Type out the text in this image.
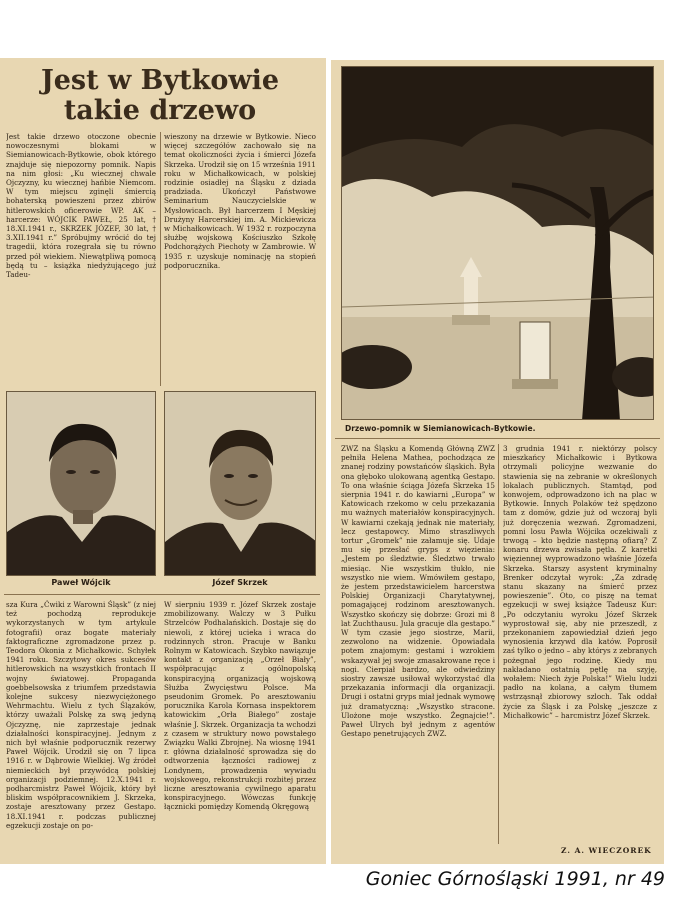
Jest w Bytkowie
takie drzewo
Jest takie drzewo otoczone obecnie nowoczesnymi blokami w Siemianowicach-Bytkowie, obok którego znajduje się niepozorny pomnik. Napis na nim głosi: „Ku wiecznej chwale Ojczyzny, ku wiecznej hańbie Niemcom. W tym miejscu zginęli śmiercią bohaterską powieszeni przez zbirów hitlerowskich oficerowie WP. AK – harcerze: WÓJCIK PAWEŁ, 25 lat, † 18.XI.1941 r., SKRZEK JÓZEF, 30 lat, † 3.XII.1941 r.” Spróbujmy wrócić do tej tragedii, która rozegrała się tu równo przed pół wiekiem. Niewątpliwą pomocą będą tu – książka niedyżującego już Tadeu-
wieszony na drzewie w Bytkowie. Nieco więcej szczegółów zachowało się na temat okoliczności życia i śmierci Józefa Skrzeka. Urodził się on 15 września 1911 roku w Michałkowicach, w polskiej rodzinie osiadłej na Śląsku z dziada pradziada. Ukończył Państwowe Seminarium Nauczycielskie w Mysłowicach. Był harcerzem I Męskiej Drużyny Harcerskiej im. A. Mickiewicza w Michałkowicach. W 1932 r. rozpoczyna służbę wojskową Kościuszko Szkołę Podchorążych Piechoty w Zambrowie. W 1935 r. uzyskuje nominację na stopień podporucznika.
Paweł Wójcik	Józef Skrzek
sza Kura „Ćwiki z Warowni Śląsk” (z niej też pochodzą reprodukcje wykorzystanych w tym artykule fotografii) oraz bogate materiały faktograficzne zgromadzone przez p. Teodora Okonia z Michałkowic. Schyłek 1941 roku. Szczytowy okres sukcesów hitlerowskich na wszystkich frontach II wojny światowej. Propaganda goebbelsowska z triumfem przedstawia kolejne sukcesy niezwyciężonego Wehrmachtu. Wielu z tych Ślązaków, którzy uważali Polskę za swą jedyną Ojczyznę, nie zaprzestaje jednak działalności konspiracyjnej. Jednym z nich był właśnie podporucznik rezerwy Paweł Wójcik. Urodził się on 7 lipca 1916 r. w Dąbrowie Wielkiej. Wg źródeł niemieckich był przywódcą polskiej organizacji podziemnej. 12.X.1941 r. podharcmistrz Paweł Wójcik, który był bliskim współpracownikiem J. Skrzeka, zostaje aresztowany przez Gestapo. 18.XI.1941 r. podczas publicznej egzekucji zostaje on po-
W sierpniu 1939 r. Józef Skrzek zostaje zmobilizowany. Walczy w 3 Pułku Strzelców Podhalańskich. Dostaje się do niewoli, z której ucieka i wraca do rodzinnych stron. Pracuje w Banku Rolnym w Katowicach. Szybko nawiązuje kontakt z organizacją „Orzeł Biały”, współpracując z ogólnopolską konspiracyjną organizacją wojskową Służba Zwycięstwu Polsce. Ma pseudonim Gromek. Po aresztowaniu porucznika Karola Kornasa inspektorem katowickim „Orła Białego” zostaje właśnie J. Skrzek. Organizacja ta wchodzi z czasem w struktury nowo powstałego Związku Walki Zbrojnej. Na wiosnę 1941 r. główna działalność sprowadza się do odtworzenia łączności radiowej z Londynem, prowadzenia wywiadu wojskowego, rekonstrukcji rozbitej przez liczne aresztowania cywilnego aparatu konspiracyjnego. Wówczas funkcję łącznicki pomiędzy Komendą Okręgową
Drzewo-pomnik w Siemianowicach-Bytkowie.
ZWZ na Śląsku a Komendą Główną ZWZ pełniła Helena Mathea, pochodząca ze znanej rodziny powstańców śląskich. Była ona głęboko ulokowaną agentką Gestapo. To ona właśnie ściąga Józefa Skrzeka 15 sierpnia 1941 r. do kawiarni „Europa” w Katowicach rzekomo w celu przekazania mu ważnych materiałów konspiracyjnych. W kawiarni czekają jednak nie materiały, lecz gestapowcy. Mimo straszliwych tortur „Gromek” nie załamuje się. Udaje mu się przesłać gryps z więzienia: „Jestem po śledztwie. Śledztwo trwało miesiąc. Nie wszystkim tłukło, nie wszystko nie wiem. Wmówiłem gestapo, że jestem przedstawicielem harcerstwa Polskiej Organizacji Charytatywnej, pomagającej rodzinom aresztowanych. Wszystko skończy się dobrze: Grozi mi 8 lat Zuchthausu. Jula gracuje dla gestapo.” W tym czasie jego siostrze, Marii, zezwolono na widzenie. Opowiadała potem znajomym: gestami i wzrokiem wskazywał jej swoje zmasakrowane ręce i nogi. Cierpiał bardzo, ale odwiedziny siostry zawsze usiłował wykorzystać dla przekazania informacji dla organizacji. Drugi i ostatni gryps miał jednak wymowę już dramatyczną: „Wszystko stracone. Ulożone moje wszystko. Żegnajcie!”. Paweł Ulrych był jednym z agentów Gestapo penetrujących ZWZ.
3 grudnia 1941 r. niektórzy polscy mieszkańcy Michałkowic i Bytkowa otrzymali policyjne wezwanie do stawienia się na zebranie w określonych lokalach publicznych. Stamtąd, pod konwojem, odprowadzono ich na plac w Bytkowie. Innych Polaków też spędzono tam z domów, gdzie już od wczoraj byli już doręczenia wezwań. Zgromadzeni, pomni losu Pawła Wójcika oczekiwali z trwogą – kto będzie następną ofiarą? Z konaru drzewa zwisała pętla. Z karetki więziennej wyprowadzono właśnie Józefa Skrzeka. Starszy asystent kryminalny Brenker odczytał wyrok: „Za zdradę stanu skazany na śmierć przez powieszenie”. Oto, co piszę na temat egzekucji w swej książce Tadeusz Kur: „Po odczytaniu wyroku Józef Skrzek wyprostował się, aby nie przeszedł, z przekonaniem zapowiedział dzień jego wynosienia krzywd dla katów. Poprosił zaś tylko o jedno – aby którys z zebranych pożegnał jego rodzinę. Kiedy mu nakładano ostatnią pętlę na szyję, wołałem: Niech żyje Polska!” Wielu ludzi padło na kolana, a całym tłumem wstrząsnął zbiorowy szloch. Tak oddał życie za Śląsk i za Polskę „jeszcze z Michałkowic” – harcmistrz Józef Skrzek.
Z. A. WIECZOREK
Goniec Górnośląski 1991, nr 49
